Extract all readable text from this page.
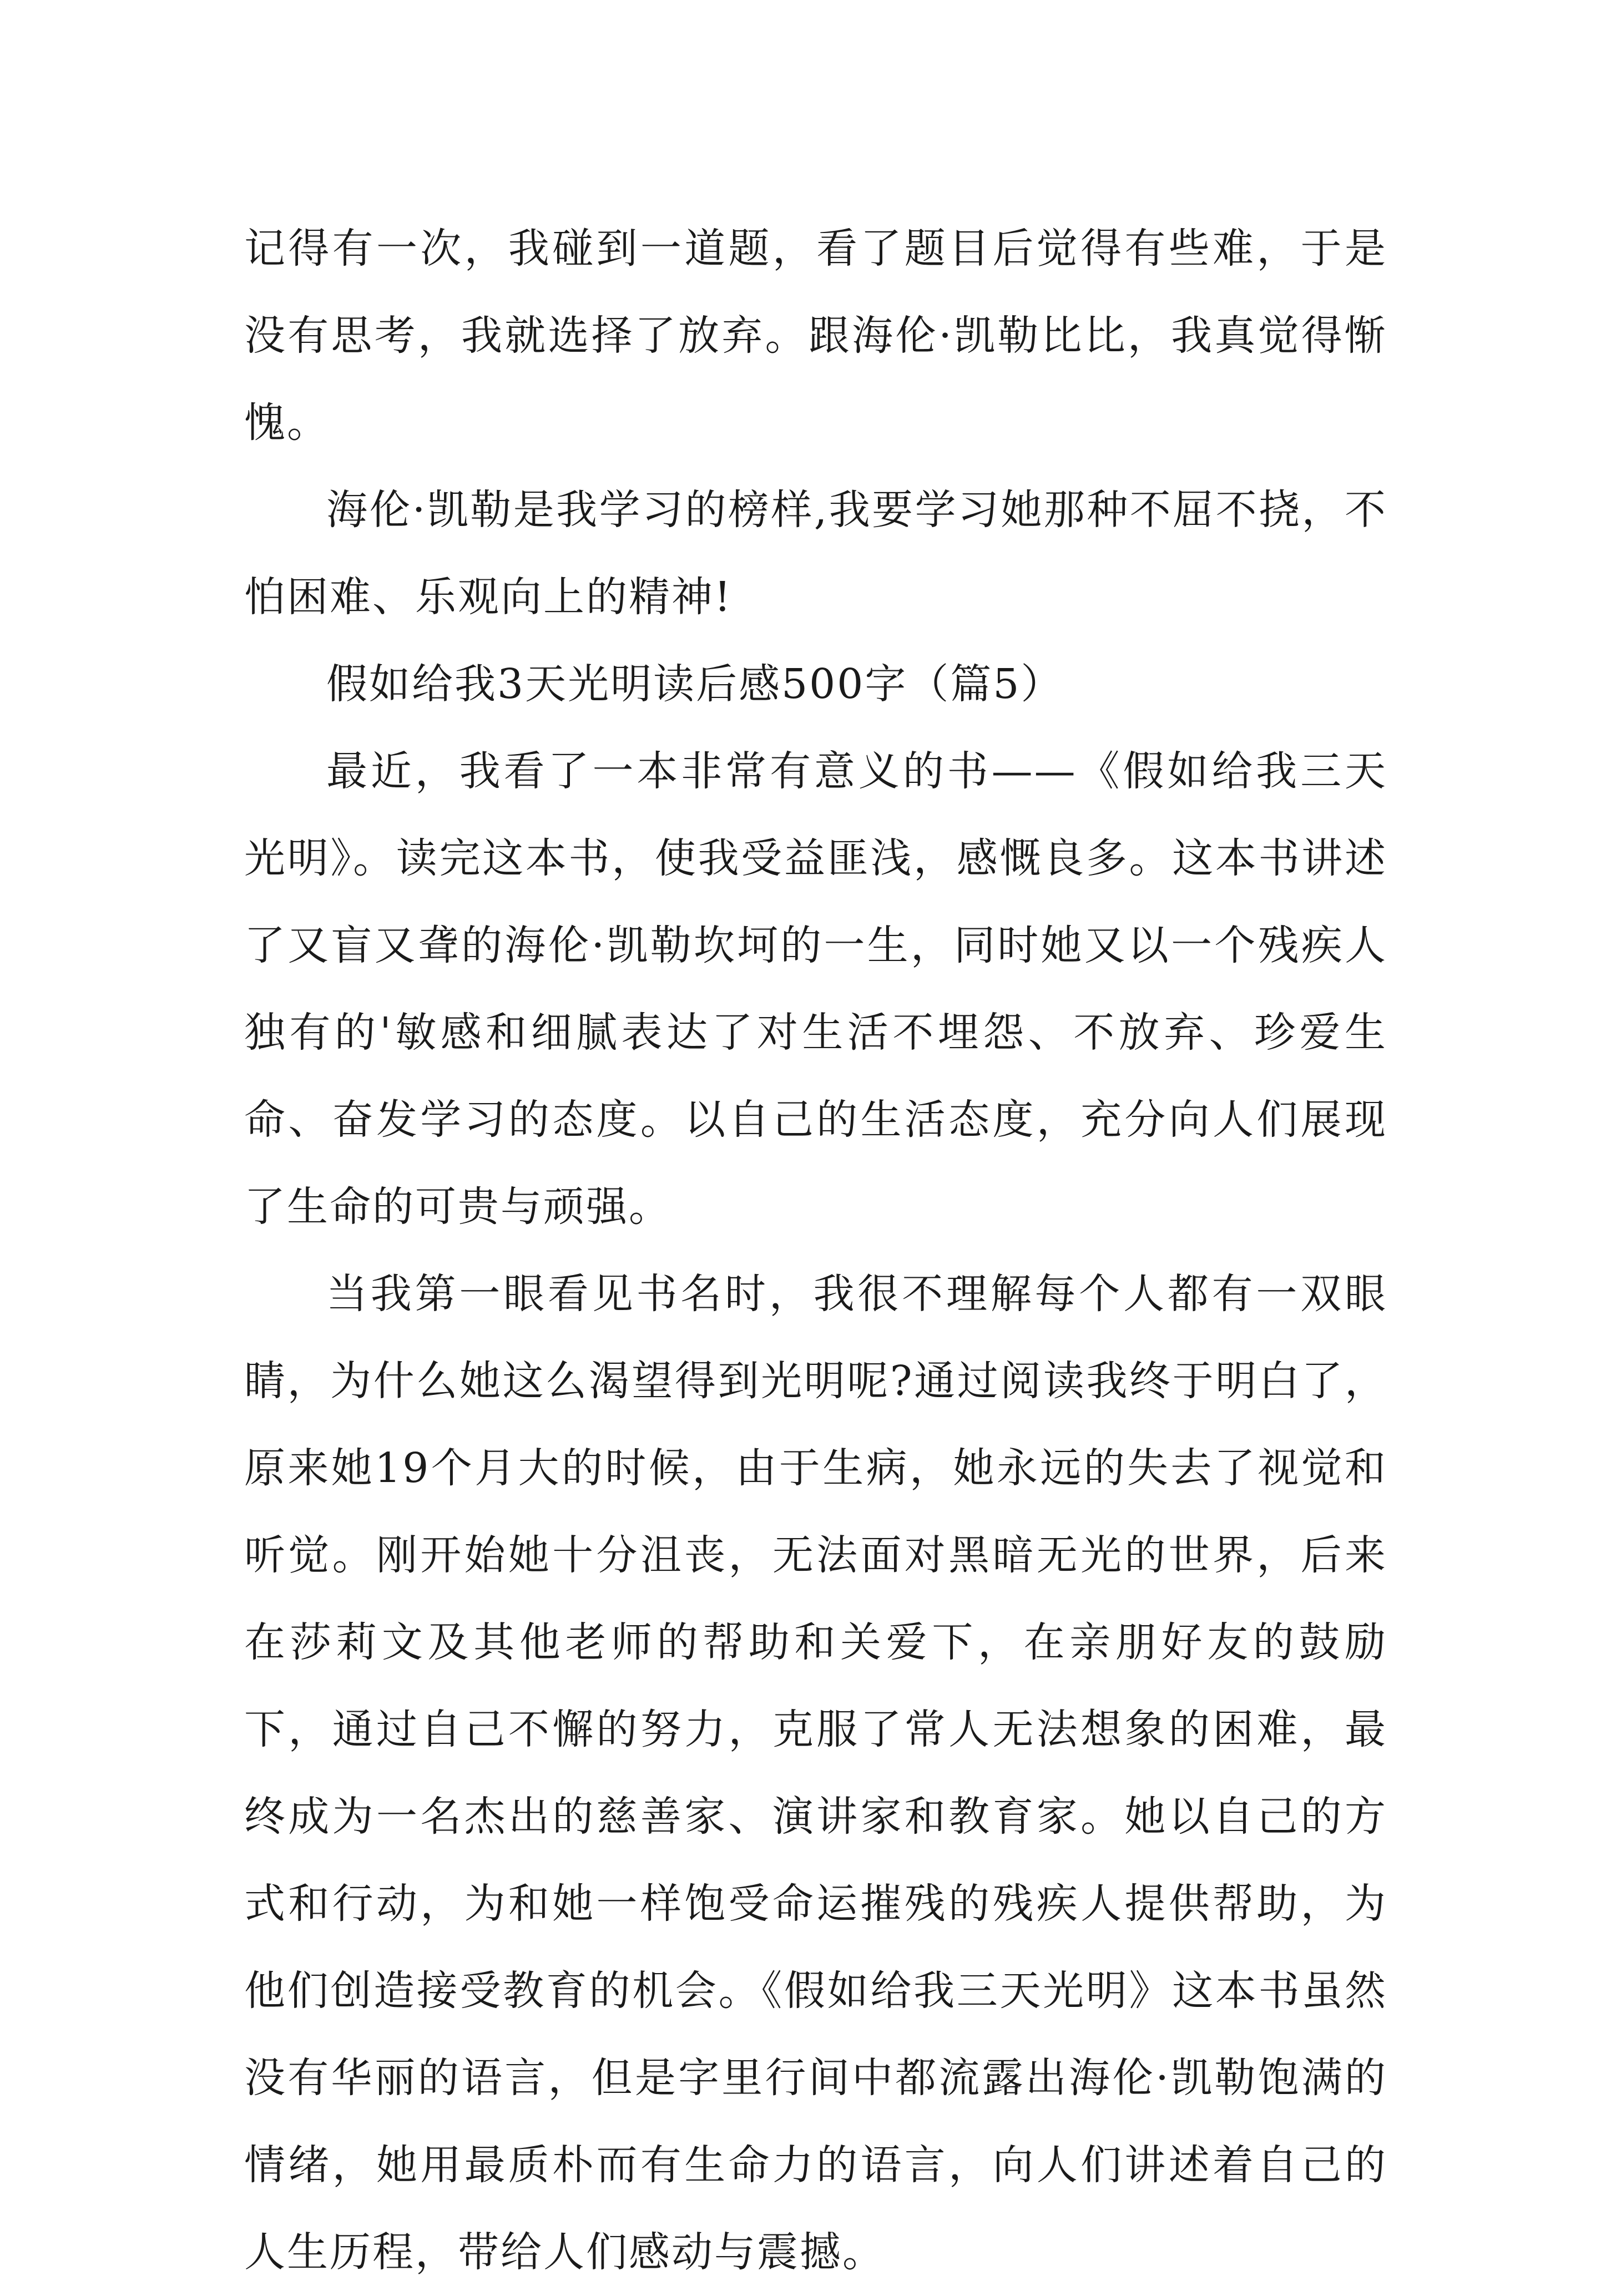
记得有一次，我碰到一道题，看了题目后觉得有些难，于是没有思考，我就选择了放弃。跟海伦·凯勒比比，我真觉得惭愧。

海伦·凯勒是我学习的榜样,我要学习她那种不屈不挠，不怕困难、乐观向上的精神!

假如给我3天光明读后感500字（篇5）

最近，我看了一本非常有意义的书——《假如给我三天光明》。读完这本书，使我受益匪浅，感慨良多。这本书讲述了又盲又聋的海伦·凯勒坎坷的一生，同时她又以一个残疾人独有的'敏感和细腻表达了对生活不埋怨、不放弃、珍爱生命、奋发学习的态度。以自己的生活态度，充分向人们展现了生命的可贵与顽强。

当我第一眼看见书名时，我很不理解每个人都有一双眼睛，为什么她这么渴望得到光明呢?通过阅读我终于明白了，原来她19个月大的时候，由于生病，她永远的失去了视觉和听觉。刚开始她十分沮丧，无法面对黑暗无光的世界，后来在莎莉文及其他老师的帮助和关爱下，在亲朋好友的鼓励下，通过自己不懈的努力，克服了常人无法想象的困难，最终成为一名杰出的慈善家、演讲家和教育家。她以自己的方式和行动，为和她一样饱受命运摧残的残疾人提供帮助，为他们创造接受教育的机会。《假如给我三天光明》这本书虽然没有华丽的语言，但是字里行间中都流露出海伦·凯勒饱满的情绪，她用最质朴而有生命力的语言，向人们讲述着自己的人生历程，带给人们感动与震撼。
